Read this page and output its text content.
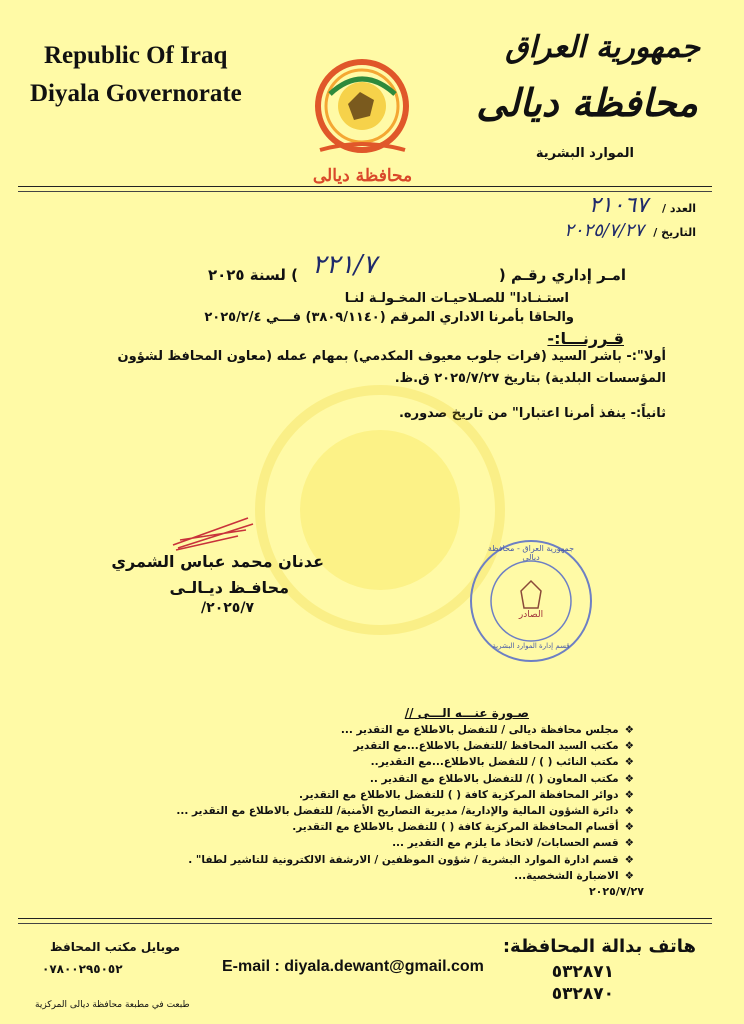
Republic Of Iraq
Diyala Governorate
جمهورية العراق
محافظة ديالى
الموارد البشرية
محافظة ديالى
العدد /
٢١٠٦٧
التاريخ /
٢٠٢٥/٧/٢٧
امـر إداري رقـم (
٢٢١/٧
) لسنة ٢٠٢٥
استـنـادا" للصـلاحيـات المخـولـة لنـا
والحاقا بأمرنا الاداري المرقم (٣٨٠٩/١١٤٠) فـــي ٢٠٢٥/٢/٤
قـررنـــا:-
أولا":- باشر السيد (فرات جلوب معيوف المكدمي) بمهام عمله (معاون المحافظ لشؤون المؤسسات البلدية) بتاريخ ٢٠٢٥/٧/٢٧ ق.ظ.
ثانياً:- ينفذ أمرنا اعتبارا" من تاريخ صدوره.
عدنان محمد عباس الشمري
محافـظ ديـالـى
٢٠٢٥/٧/
جمهورية العراق - محافظة ديالى
الصادر
قسم إدارة الموارد البشرية
صـورة عنـــه الـــى //
❖مجلس محافظة ديالى / للتفضل بالاطلاع مع التقدير ...
❖مكتب السيد المحافظ /للتفضل بالاطلاع...مع التقدير
❖مكتب النائب ( ) / للتفضل بالاطلاع...مع التقدير..
❖مكتب المعاون ( )/ للتفضل بالاطلاع مع التقدير ..
❖دوائر المحافظة المركزية كافة ( ) للتفضل بالاطلاع مع التقدير.
❖دائرة الشؤون المالية والإدارية/ مديرية التصاريح الأمنية/ للتفضل بالاطلاع مع التقدير ...
❖أقسام المحافظة المركزية كافة ( ) للتفضل بالاطلاع مع التقدير.
❖قسم الحسابات/ لاتخاذ ما يلزم مع التقدير ...
❖قسم ادارة الموارد البشرية / شؤون الموظفين / الارشفة الالكترونية للتاشير لطفا" .
❖الاضبارة الشخصية...
٢٠٢٥/٧/٢٧
موبايل مكتب المحافظ
٠٧٨٠٠٢٩٥٠٥٢	E-mail : diyala.dewant@gmail.com
هاتف بدالة المحافظة:
٥٣٢٨٧١
٥٣٢٨٧٠
طبعت في مطبعة محافظة ديالى المركزية
